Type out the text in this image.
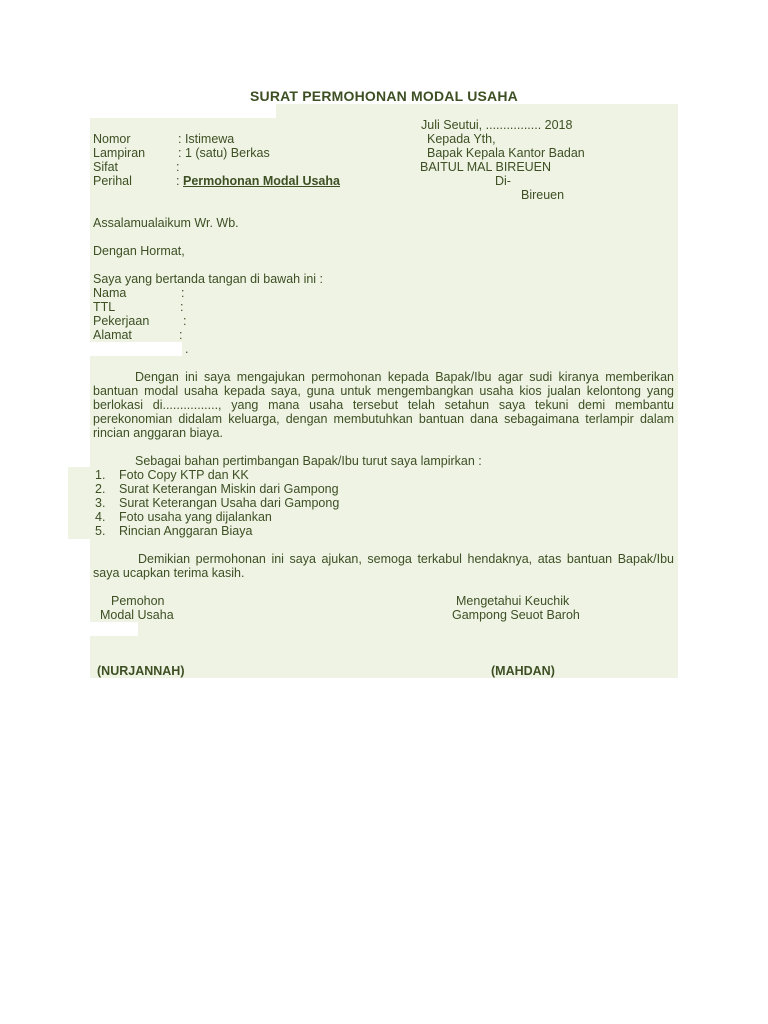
SURAT PERMOHONAN MODAL USAHA
Juli Seutui, ................ 2018
Nomor	: Istimewa
Lampiran	: 1 (satu) Berkas
Sifat	:
Perihal	: Permohonan Modal Usaha
Kepada Yth,
Bapak Kepala Kantor Badan
BAITUL MAL BIREUEN
Di-
Bireuen
Assalamualaikum Wr. Wb.
Dengan Hormat,
Saya yang bertanda tangan di bawah ini :
Nama	:
TTL	:
Pekerjaan	:
Alamat	:
.
Dengan ini saya mengajukan permohonan kepada Bapak/Ibu agar sudi kiranya memberikan bantuan modal usaha kepada saya, guna untuk mengembangkan usaha kios jualan kelontong yang berlokasi di................, yang mana usaha tersebut telah setahun saya tekuni demi membantu perekonomian didalam keluarga, dengan membutuhkan bantuan dana sebagaimana terlampir dalam rincian anggaran biaya.
Sebagai bahan pertimbangan Bapak/Ibu turut saya lampirkan :
1. Foto Copy KTP dan KK
2. Surat Keterangan Miskin dari Gampong
3. Surat Keterangan Usaha dari Gampong
4. Foto usaha yang dijalankan
5. Rincian Anggaran Biaya
Demikian permohonan ini saya ajukan, semoga terkabul hendaknya, atas bantuan Bapak/Ibu saya ucapkan terima kasih.
Pemohon
Modal Usaha
(NURJANNAH)
Mengetahui Keuchik
Gampong Seuot Baroh
(MAHDAN)
